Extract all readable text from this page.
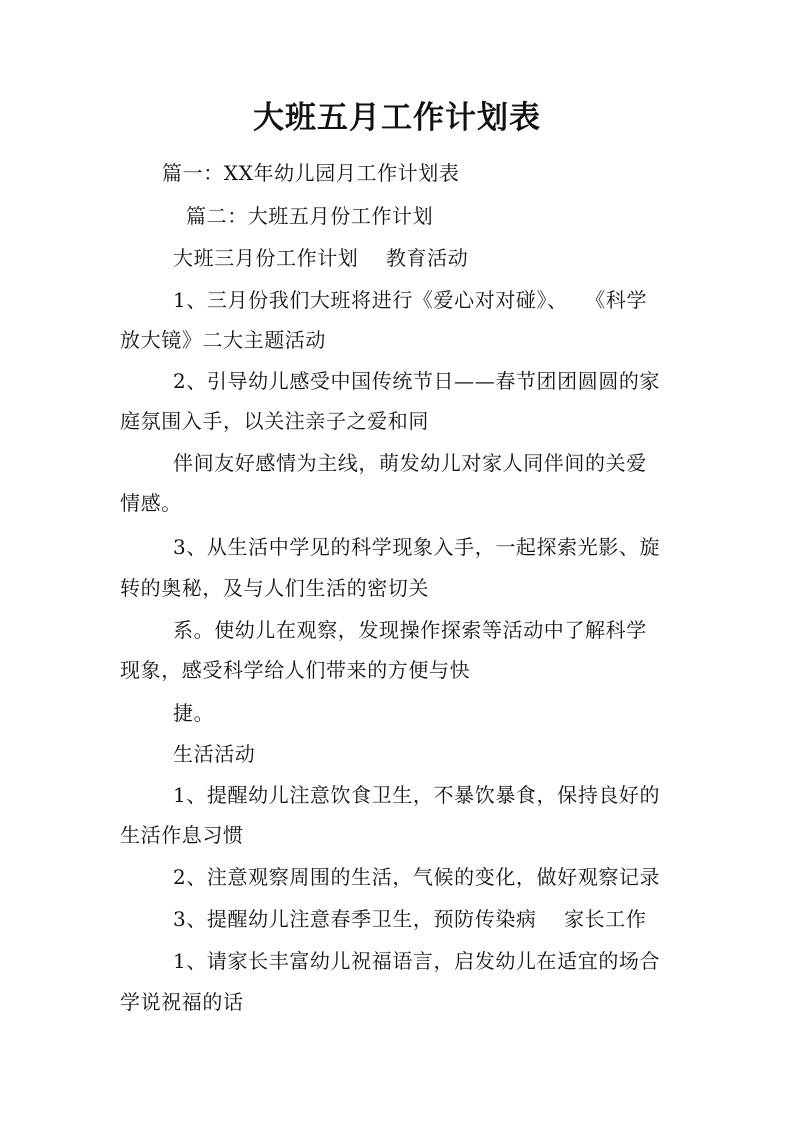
大班五月工作计划表
篇一：XX年幼儿园月工作计划表
篇二：大班五月份工作计划
大班三月份工作计划　 教育活动
1、三月份我们大班将进行《爱心对对碰》、　 《科学
放大镜》二大主题活动
2、引导幼儿感受中国传统节日——春节团团圆圆的家
庭氛围入手，以关注亲子之爱和同
伴间友好感情为主线，萌发幼儿对家人同伴间的关爱
情感。
3、从生活中学见的科学现象入手，一起探索光影、旋
转的奥秘，及与人们生活的密切关
系。使幼儿在观察，发现操作探索等活动中了解科学
现象，感受科学给人们带来的方便与快
捷。
生活活动
1、提醒幼儿注意饮食卫生，不暴饮暴食，保持良好的
生活作息习惯
2、注意观察周围的生活，气候的变化，做好观察记录
3、提醒幼儿注意春季卫生，预防传染病　 家长工作
1、请家长丰富幼儿祝福语言，启发幼儿在适宜的场合
学说祝福的话
